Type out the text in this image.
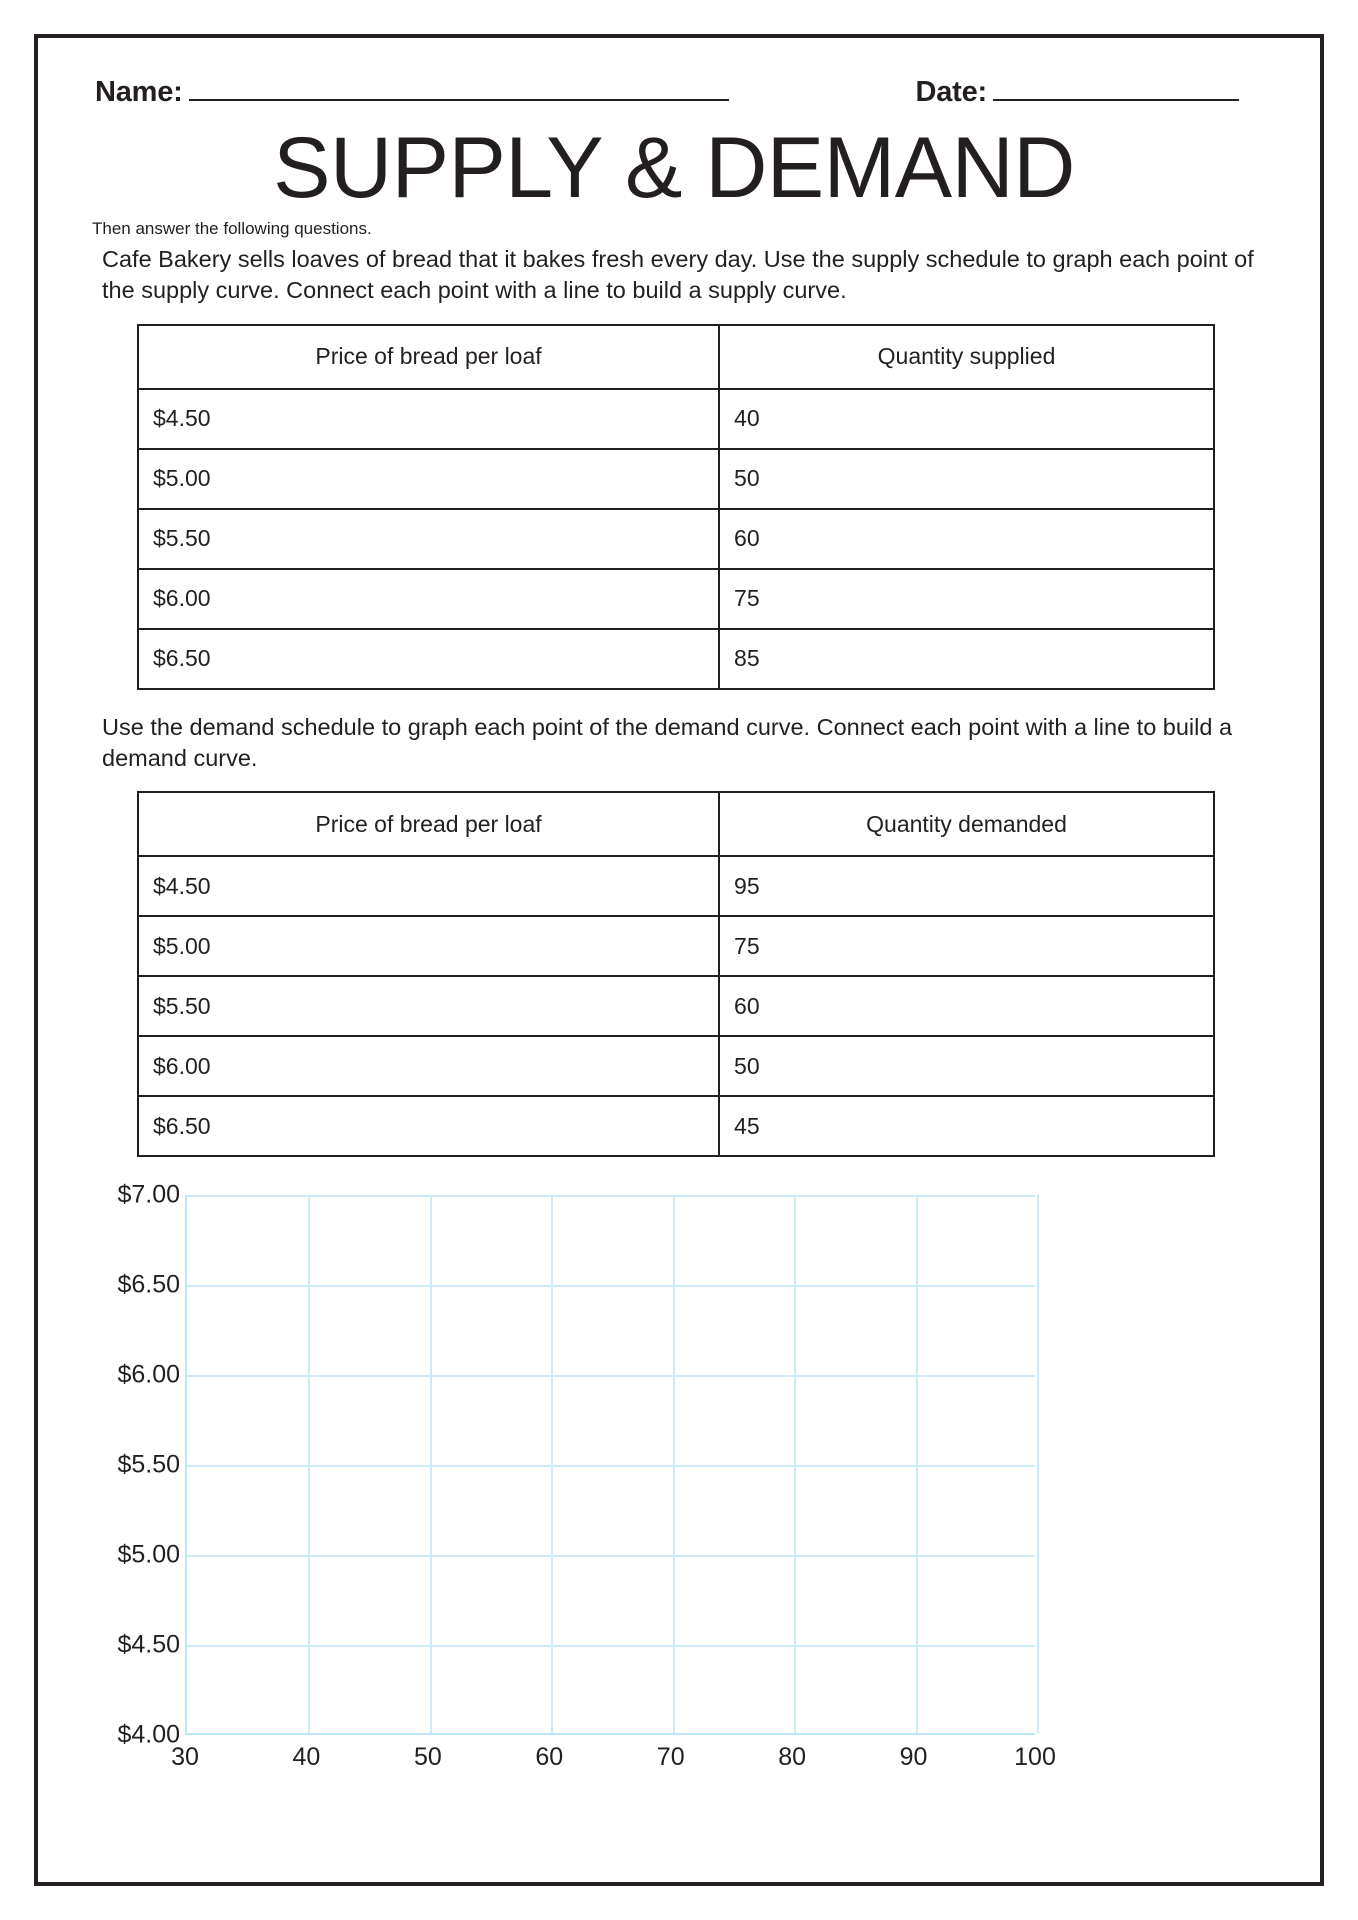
Name:	Date:
SUPPLY & DEMAND
Then answer the following questions.
Cafe Bakery sells loaves of bread that it bakes fresh every day. Use the supply schedule to graph each point of the supply curve. Connect each point with a line to build a supply curve.
Price of bread per loaf	Quantity supplied
$4.50	40
$5.00	50
$5.50	60
$6.00	75
$6.50	85
Use the demand schedule to graph each point of the demand curve. Connect each point with a line to build a demand curve.
Price of bread per loaf	Quantity demanded
$4.50	95
$5.00	75
$5.50	60
$6.00	50
$6.50	45
$4.00
$4.50
$5.00
$5.50
$6.00
$6.50
$7.00
30	40	50	60	70	80	90	100
